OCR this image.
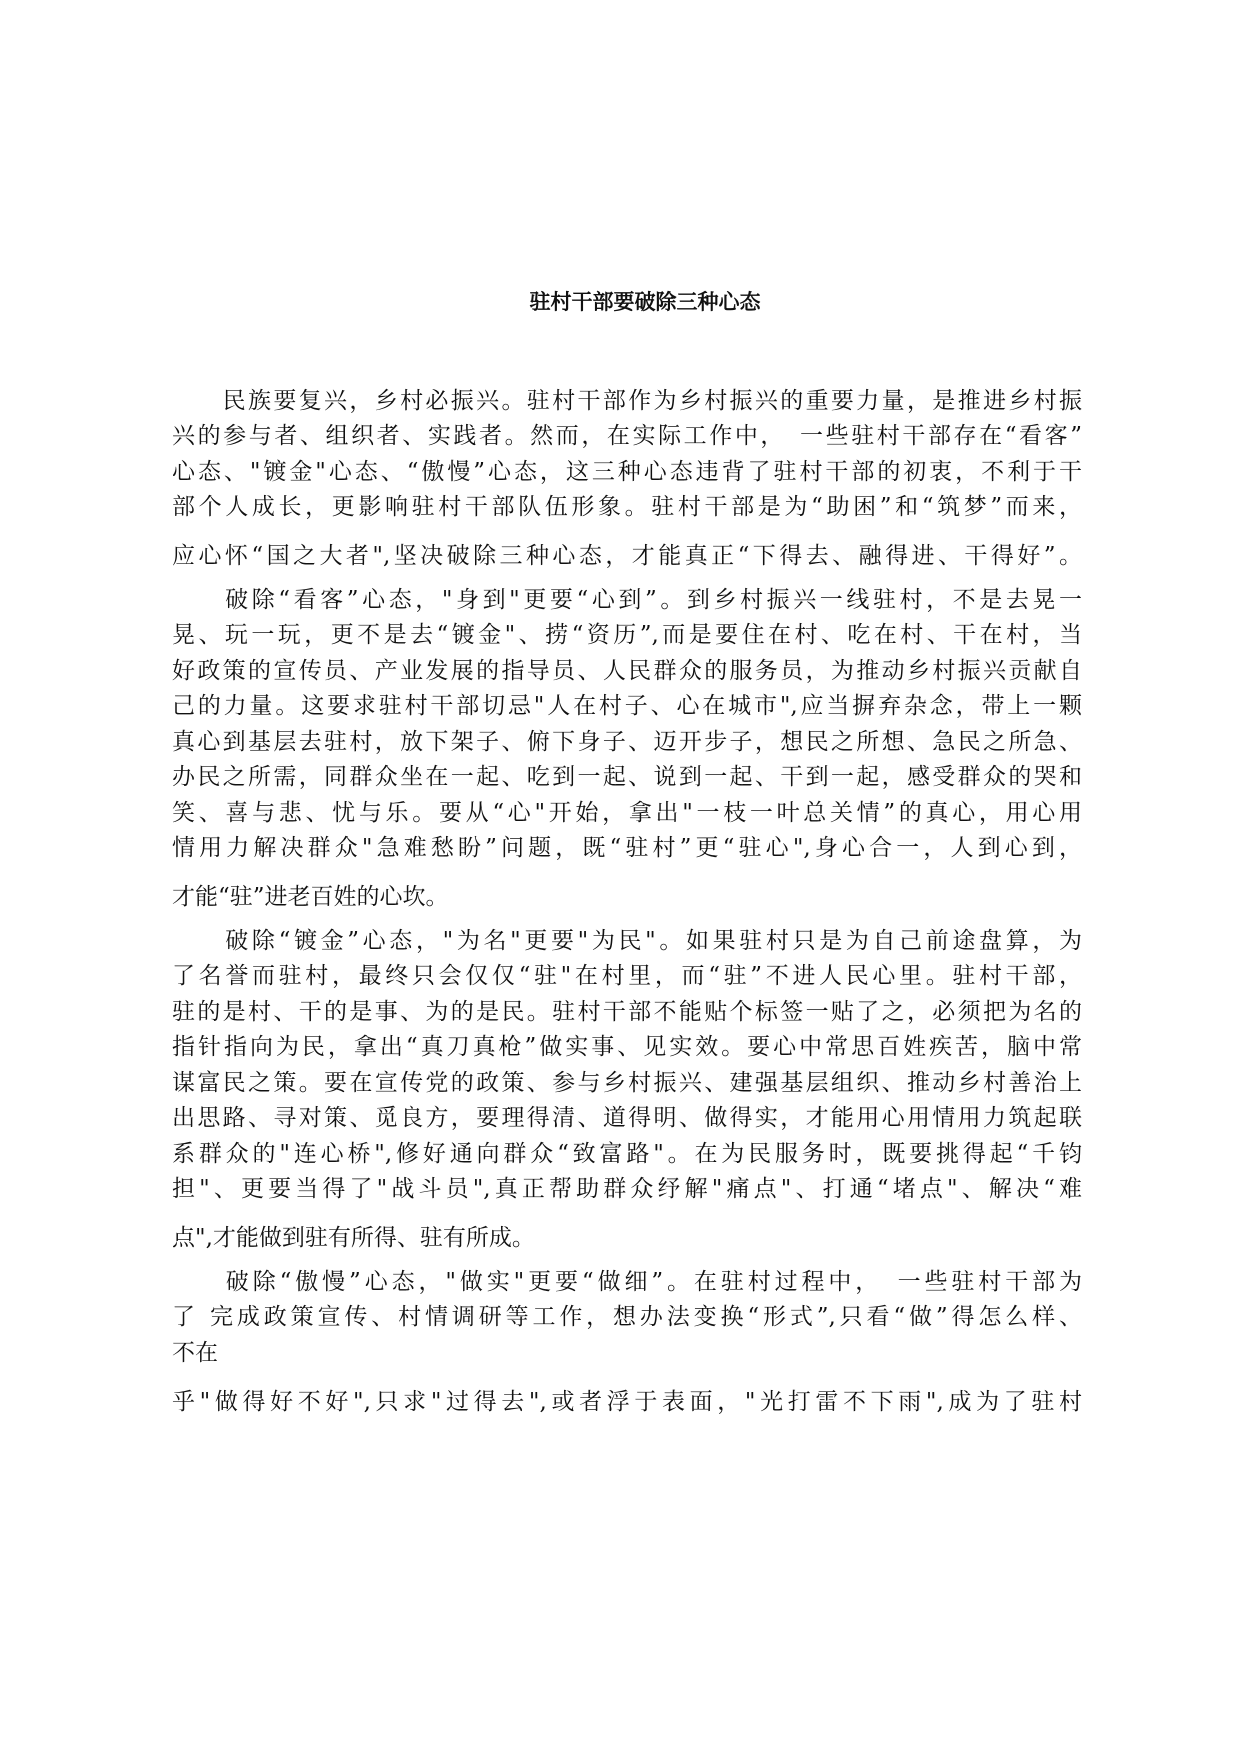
驻村干部要破除三种心态

　　民族要复兴，乡村必振兴。驻村干部作为乡村振兴的重要力量，是推进乡村振

兴的参与者、组织者、实践者。然而，在实际工作中，　一些驻村干部存在“看客”

心态、"镀金"心态、“傲慢”心态，这三种心态违背了驻村干部的初衷，不利于干

部个人成长，更影响驻村干部队伍形象。驻村干部是为“助困”和“筑梦”而来，

应心怀“国之大者",坚决破除三种心态，才能真正“下得去、融得进、干得好”。

　　破除“看客”心态，"身到"更要“心到”。到乡村振兴一线驻村，不是去晃一

晃、玩一玩，更不是去“镀金"、捞“资历”,而是要住在村、吃在村、干在村，当

好政策的宣传员、产业发展的指导员、人民群众的服务员，为推动乡村振兴贡献自

己的力量。这要求驻村干部切忌"人在村子、心在城市",应当摒弃杂念，带上一颗

真心到基层去驻村，放下架子、俯下身子、迈开步子，想民之所想、急民之所急、

办民之所需，同群众坐在一起、吃到一起、说到一起、干到一起，感受群众的哭和

笑、喜与悲、忧与乐。要从“心"开始，拿出"一枝一叶总关情”的真心，用心用

情用力解决群众"急难愁盼”问题，既“驻村”更“驻心",身心合一，人到心到，

才能“驻”进老百姓的心坎。

　　破除“镀金”心态，"为名"更要"为民"。如果驻村只是为自己前途盘算，为

了名誉而驻村，最终只会仅仅“驻"在村里，而“驻”不进人民心里。驻村干部，

驻的是村、干的是事、为的是民。驻村干部不能贴个标签一贴了之，必须把为名的

指针指向为民，拿出“真刀真枪”做实事、见实效。要心中常思百姓疾苦，脑中常

谋富民之策。要在宣传党的政策、参与乡村振兴、建强基层组织、推动乡村善治上

出思路、寻对策、觅良方，要理得清、道得明、做得实，才能用心用情用力筑起联

系群众的"连心桥",修好通向群众“致富路"。在为民服务时，既要挑得起“千钧

担"、更要当得了"战斗员",真正帮助群众纾解"痛点"、打通“堵点"、解决“难

点",才能做到驻有所得、驻有所成。

　　破除“傲慢”心态，"做实"更要“做细”。在驻村过程中，　一些驻村干部为

了 完成政策宣传、村情调研等工作，想办法变换“形式”,只看“做”得怎么样、

不在

乎"做得好不好",只求"过得去",或者浮于表面，"光打雷不下雨",成为了驻村
